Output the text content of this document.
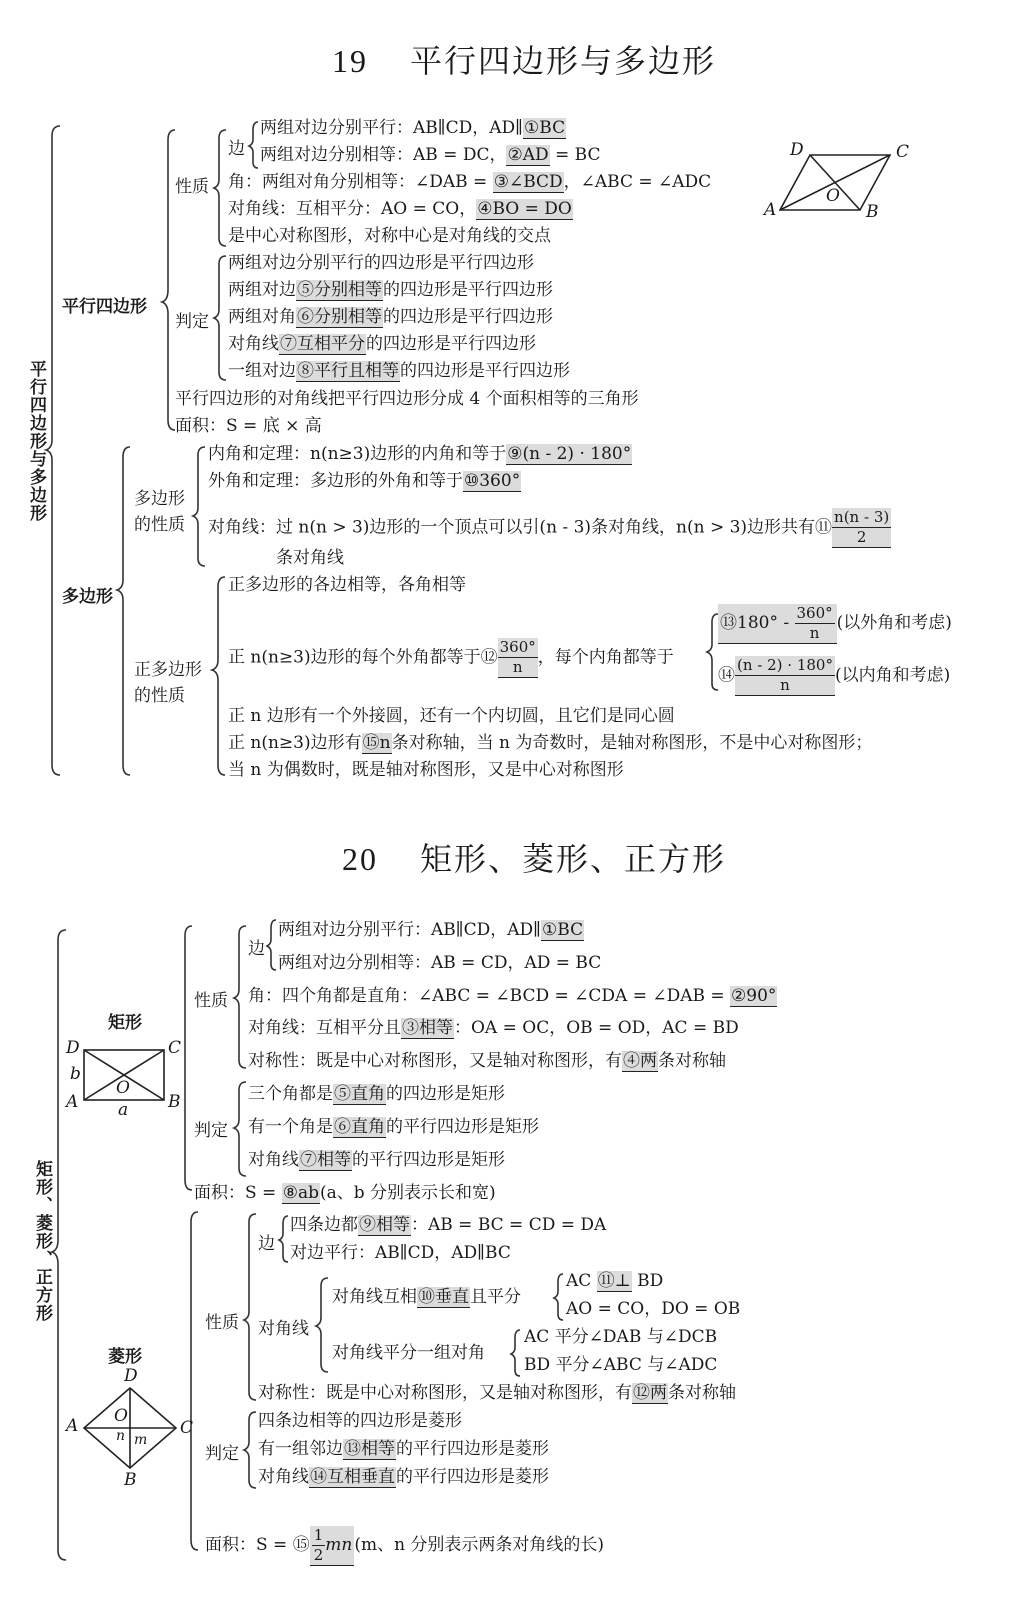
19 平行四边形与多边形
平行四边形与多边形
平行四边形
性质
边
两组对边分别平行：AB∥CD，AD∥①BC
两组对边分别相等：AB = DC，②AD = BC
角：两组对角分别相等：∠DAB = ③∠BCD，∠ABC = ∠ADC
对角线：互相平分：AO = CO，④BO = DO
是中心对称图形，对称中心是对角线的交点
判定
两组对边分别平行的四边形是平行四边形
两组对边⑤分别相等的四边形是平行四边形
两组对角⑥分别相等的四边形是平行四边形
对角线⑦互相平分的四边形是平行四边形
一组对边⑧平行且相等的四边形是平行四边形
平行四边形的对角线把平行四边形分成 4 个面积相等的三角形
面积：S = 底 × 高
D	C
A	B
O
多边形
多边形
的性质
内角和定理：n(n≥3)边形的内角和等于⑨(n - 2) · 180°
外角和定理：多边形的外角和等于⑩360°
对角线：过 n(n > 3)边形的一个顶点可以引(n - 3)条对角线，n(n > 3)边形共有⑪ $\frac{n(n - 3)}{2}$
条对角线
正多边形
的性质
正多边形的各边相等，各角相等
正 n(n≥3)边形的每个外角都等于⑫ $\frac{360^\circ}{n}$ ，每个内角都等于
⑬180° - $\frac{360^\circ}{n}$ (以外角和考虑)
⑭ $\frac{(n - 2) \cdot 180^\circ}{n}$ (以内角和考虑)
正 n 边形有一个外接圆，还有一个内切圆，且它们是同心圆
正 n(n≥3)边形有⑮n条对称轴，当 n 为奇数时，是轴对称图形，不是中心对称图形；
当 n 为偶数时，既是轴对称图形，又是中心对称图形
20 矩形、菱形、正方形
矩形、菱形、正方形
矩形
D	C
A	B
O
b
a
性质
边
两组对边分别平行：AB∥CD，AD∥①BC
两组对边分别相等：AB = CD，AD = BC
角：四个角都是直角：∠ABC = ∠BCD = ∠CDA = ∠DAB = ②90°
对角线：互相平分且③相等：OA = OC，OB = OD，AC = BD
对称性：既是中心对称图形，又是轴对称图形，有④两条对称轴
判定
三个角都是⑤直角的四边形是矩形
有一个角是⑥直角的平行四边形是矩形
对角线⑦相等的平行四边形是矩形
面积：S = ⑧ab(a、b 分别表示长和宽)
菱形
D
A	C
B
O
n m
性质
边
四条边都⑨相等：AB = BC = CD = DA
对边平行：AB∥CD，AD∥BC
对角线
对角线互相⑩垂直且平分
AC ⑪⊥ BD
AO = CO，DO = OB
对角线平分一组对角
AC 平分∠DAB 与∠DCB
BD 平分∠ABC 与∠ADC
对称性：既是中心对称图形，又是轴对称图形，有⑫两条对称轴
判定
四条边相等的四边形是菱形
有一组邻边⑬相等的平行四边形是菱形
对角线⑭互相垂直的平行四边形是菱形
面积：S = ⑮ $\frac{1}{2}$ mn (m、n 分别表示两条对角线的长)
